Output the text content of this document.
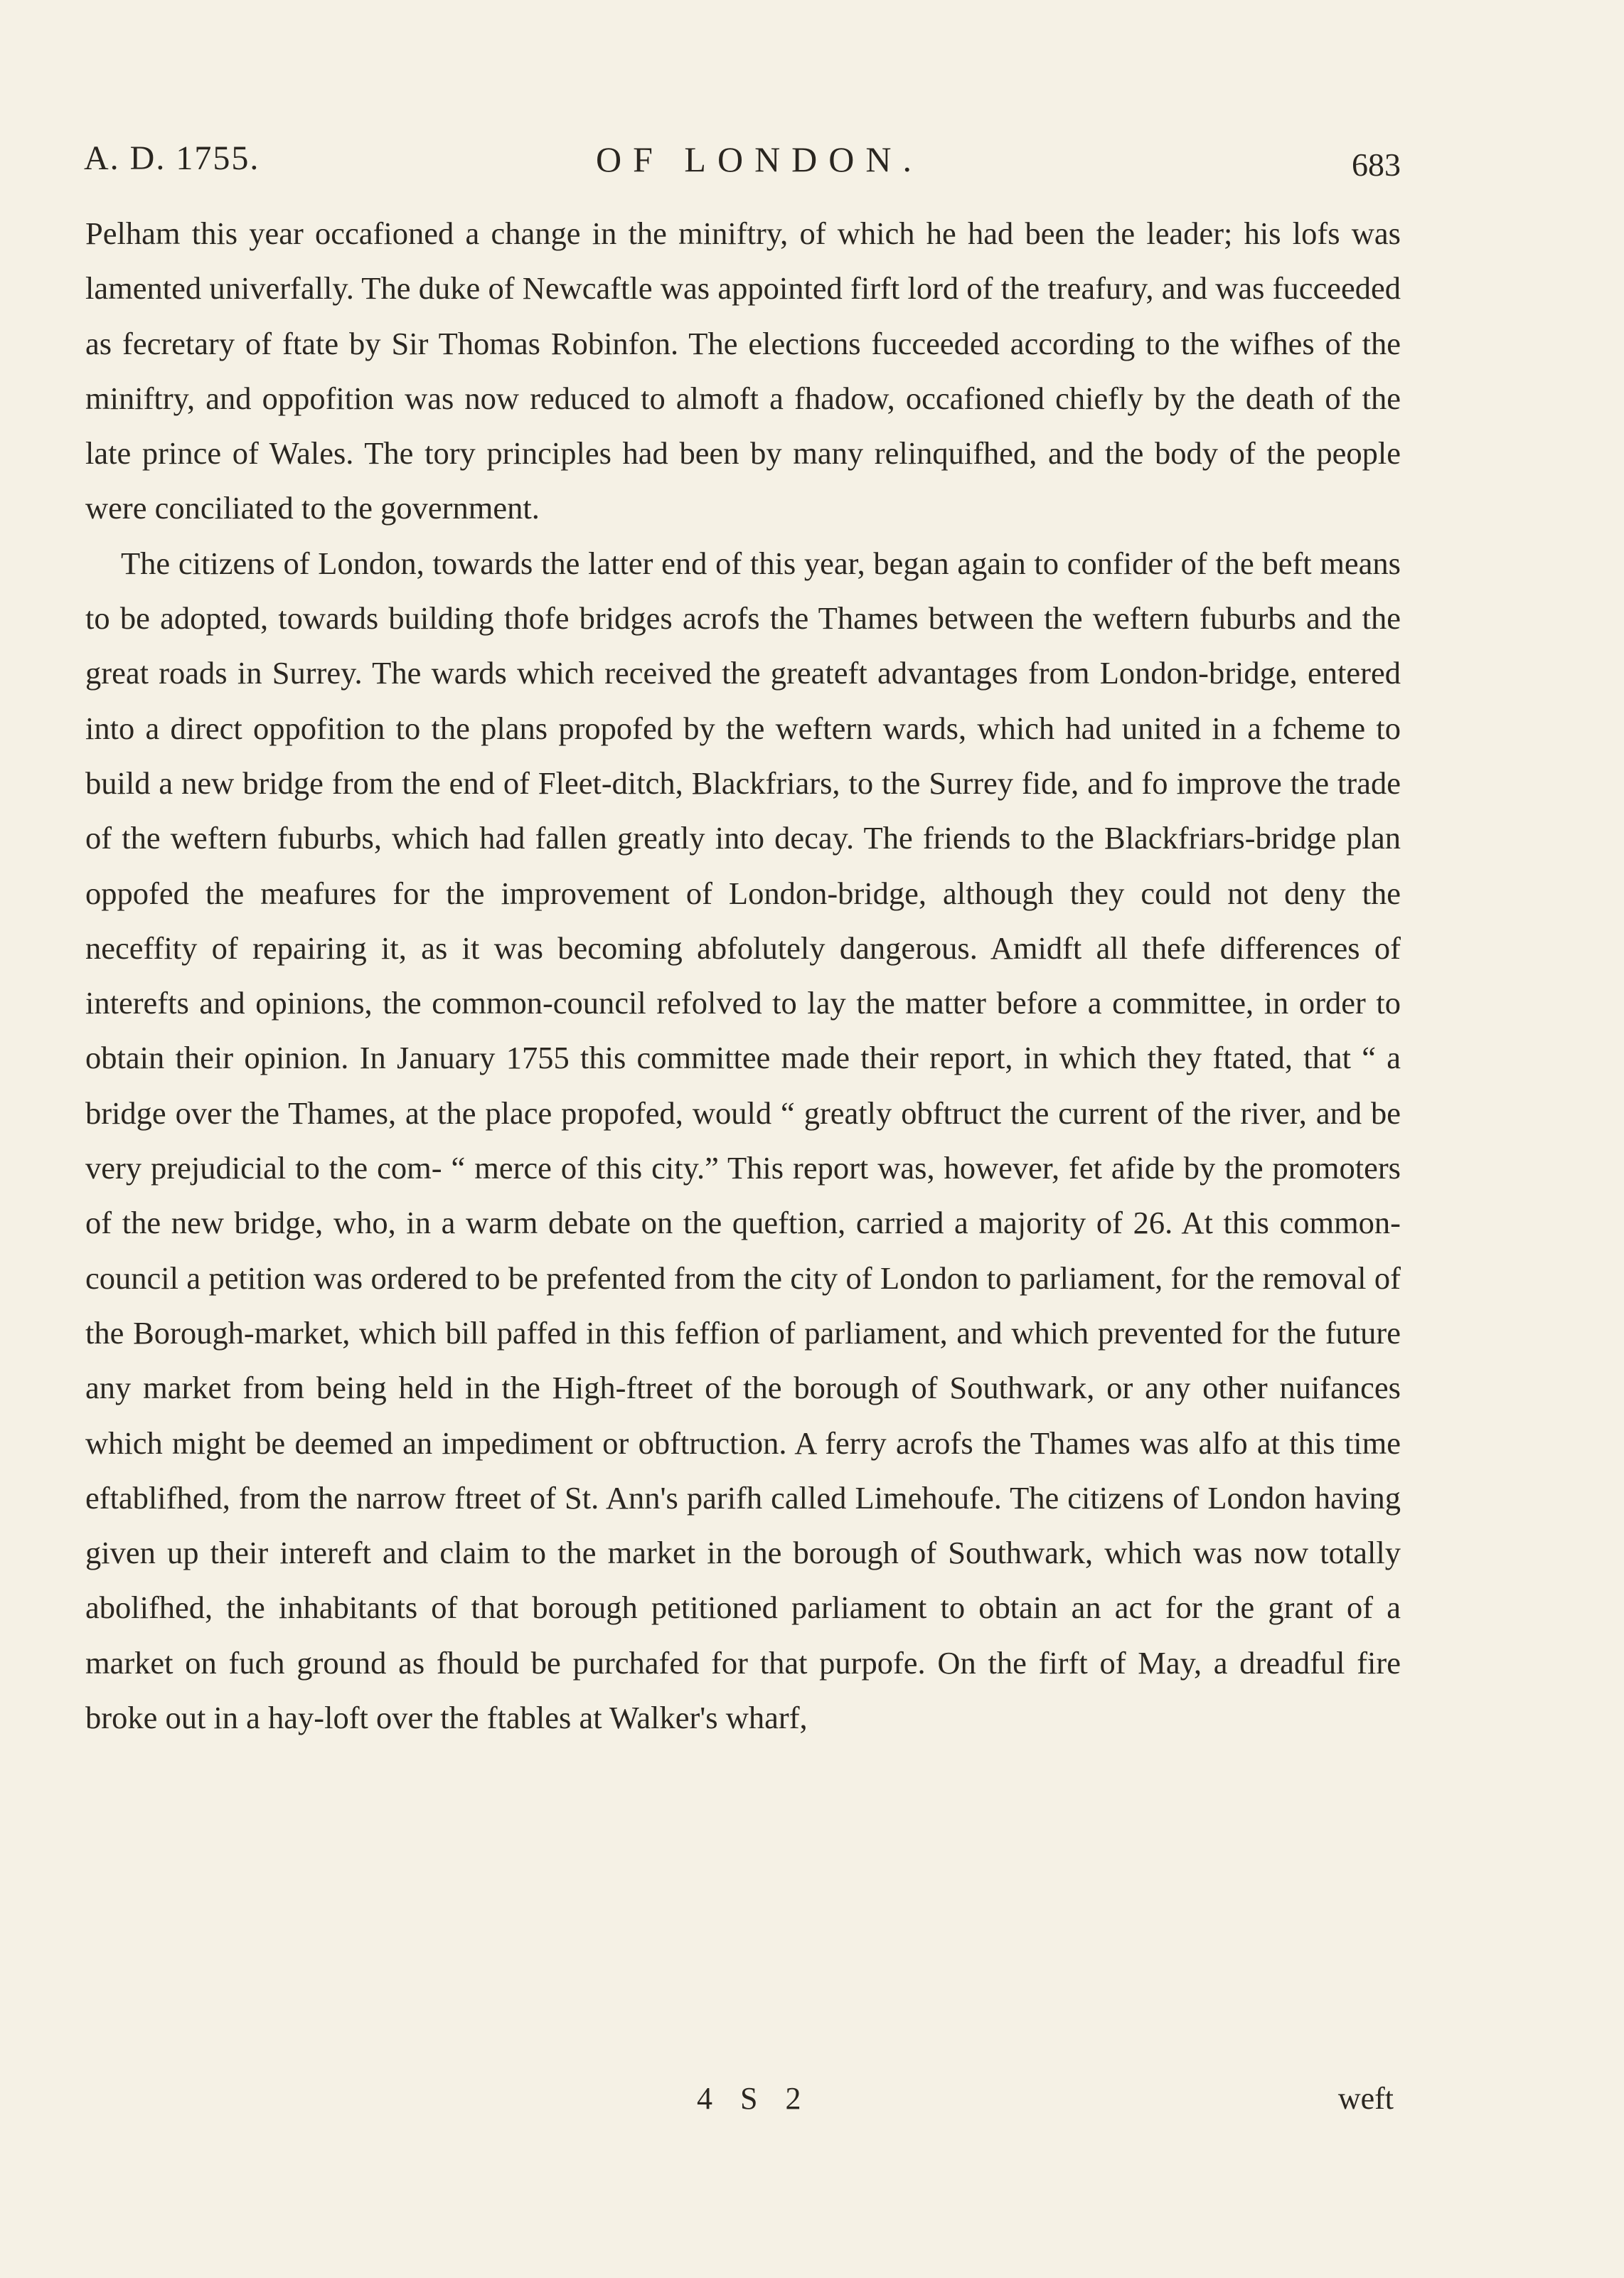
A. D. 1755.	OF LONDON.	683

Pelham this year occafioned a change in the miniftry, of which he had been the leader; his lofs was lamented univerfally. The duke of Newcaftle was appointed firft lord of the treafury, and was fucceeded as fecretary of ftate by Sir Thomas Robinfon. The elections fucceeded according to the wifhes of the miniftry, and oppofition was now reduced to almoft a fhadow, occafioned chiefly by the death of the late prince of Wales. The tory principles had been by many relinquifhed, and the body of the people were conciliated to the government.

The citizens of London, towards the latter end of this year, began again to confider of the beft means to be adopted, towards building thofe bridges acrofs the Thames between the weftern fuburbs and the great roads in Surrey. The wards which received the greateft advantages from London-bridge, entered into a direct oppofition to the plans propofed by the weftern wards, which had united in a fcheme to build a new bridge from the end of Fleet-ditch, Blackfriars, to the Surrey fide, and fo improve the trade of the weftern fuburbs, which had fallen greatly into decay. The friends to the Blackfriars-bridge plan oppofed the meafures for the improvement of London-bridge, although they could not deny the neceffity of repairing it, as it was becoming abfolutely dangerous. Amidft all thefe differences of interefts and opinions, the common-council refolved to lay the matter before a committee, in order to obtain their opinion. In January 1755 this committee made their report, in which they ftated, that “ a bridge over the Thames, at the place propofed, would “ greatly obftruct the current of the river, and be very prejudicial to the com- “ merce of this city.” This report was, however, fet afide by the promoters of the new bridge, who, in a warm debate on the queftion, carried a majority of 26. At this common-council a petition was ordered to be prefented from the city of London to parliament, for the removal of the Borough-market, which bill paffed in this feffion of parliament, and which prevented for the future any market from being held in the High-ftreet of the borough of Southwark, or any other nuifances which might be deemed an impediment or obftruction. A ferry acrofs the Thames was alfo at this time eftablifhed, from the narrow ftreet of St. Ann's parifh called Limehoufe. The citizens of London having given up their intereft and claim to the market in the borough of Southwark, which was now totally abolifhed, the inhabitants of that borough petitioned parliament to obtain an act for the grant of a market on fuch ground as fhould be purchafed for that purpofe. On the firft of May, a dreadful fire broke out in a hay-loft over the ftables at Walker's wharf,

4 S 2	weft
